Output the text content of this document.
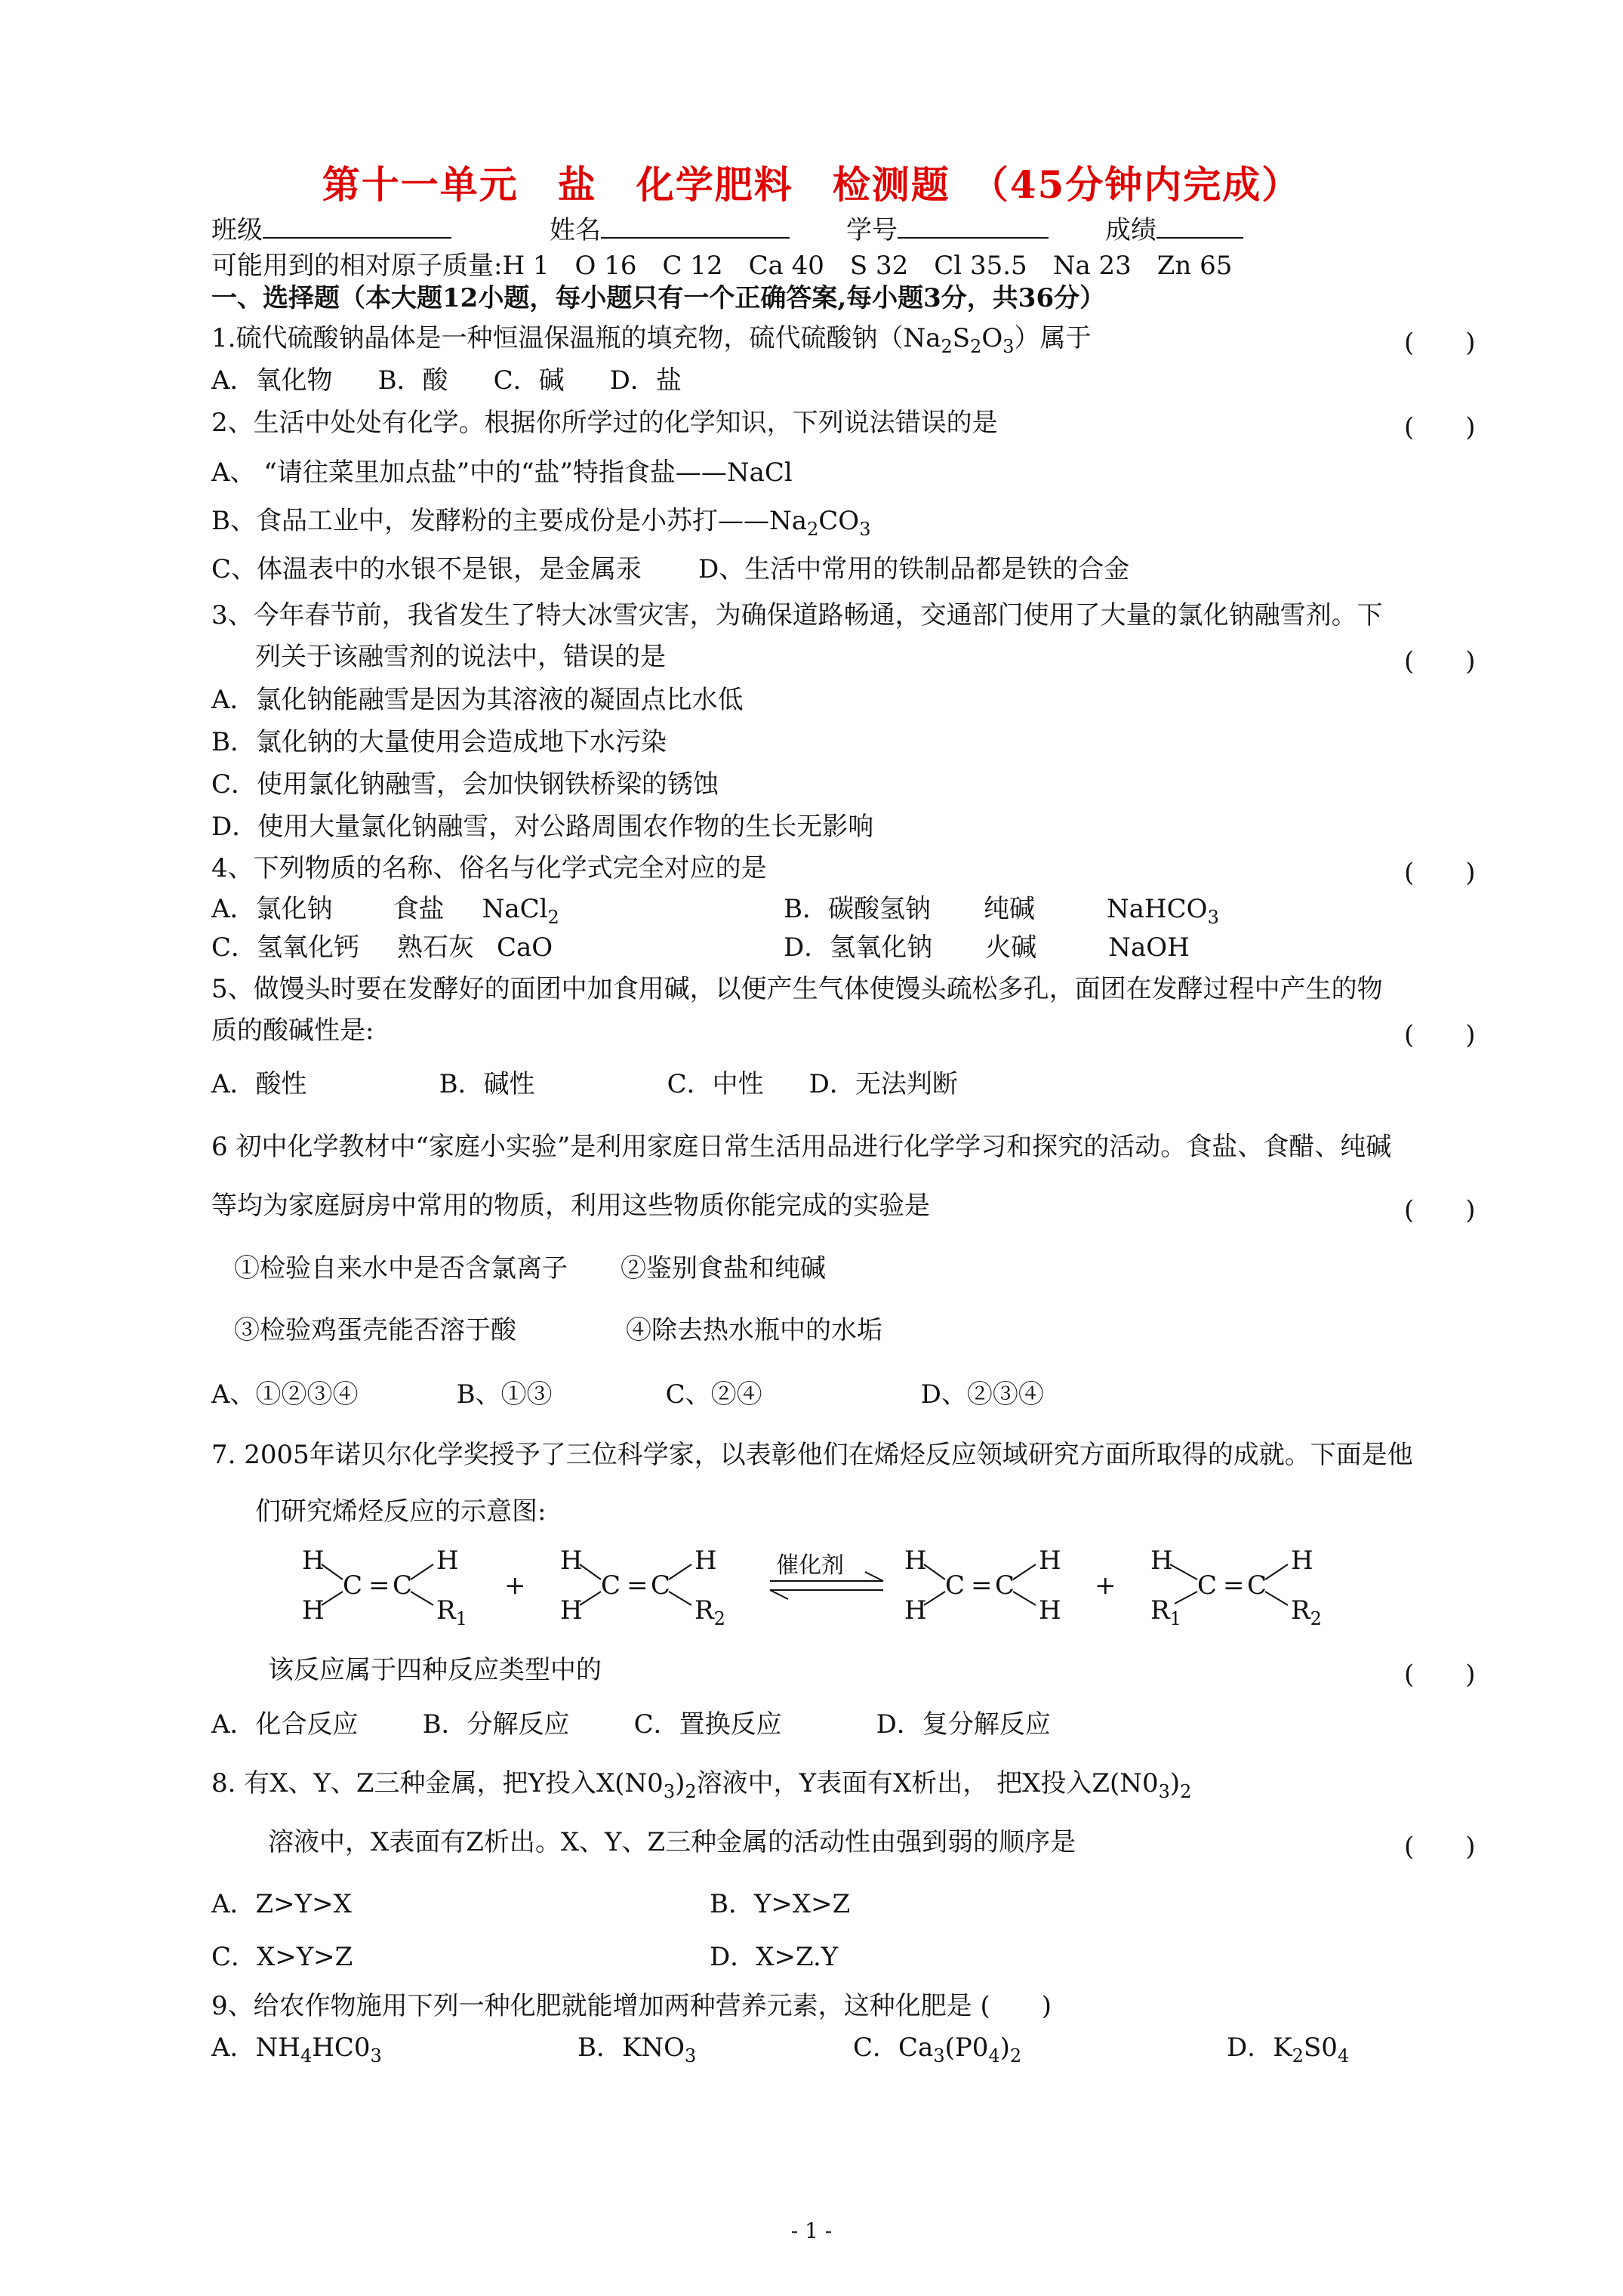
第十一单元　盐　化学肥料　检测题　（45分钟内完成）
班级	姓名	学号	成绩
可能用到的相对原子质量:H 1　O 16　C 12　Ca 40　S 32　Cl 35.5　Na 23　Zn 65
一、选择题（本大题12小题，每小题只有一个正确答案,每小题3分，共36分）
1.硫代硫酸钠晶体是一种恒温保温瓶的填充物，硫代硫酸钠$(Na_2S_2O_3)$属于	(　　)
A．氧化物 B．酸 C．碱 D．盐
2、生活中处处有化学。根据你所学过的化学知识，下列说法错误的是	(　　)
A、 “请往菜里加点盐”中的“盐”特指食盐——NaCl
B、食品工业中，发酵粉的主要成份是小苏打$——Na_2CO_3$
C、体温表中的水银不是银，是金属汞 D、生活中常用的铁制品都是铁的合金
3、今年春节前，我省发生了特大冰雪灾害，为确保道路畅通，交通部门使用了大量的氯化钠融雪剂。下
列关于该融雪剂的说法中，错误的是	(　　)
A．氯化钠能融雪是因为其溶液的凝固点比水低
B．氯化钠的大量使用会造成地下水污染
C．使用氯化钠融雪，会加快钢铁桥梁的锈蚀
D．使用大量氯化钠融雪，对公路周围农作物的生长无影响
4、下列物质的名称、俗名与化学式完全对应的是	(　　)
A．氯化钠 食盐 NaCl$_2$	B．碳酸氢钠 纯碱	NaHCO$_3$
C．氢氧化钙 熟石灰 CaO	D．氢氧化钠 火碱	NaOH
5、做馒头时要在发酵好的面团中加食用碱，以便产生气体使馒头疏松多孔，面团在发酵过程中产生的物
质的酸碱性是:	(　　)
A．酸性	B．碱性	C．中性 D．无法判断
6 初中化学教材中“家庭小实验”是利用家庭日常生活用品进行化学学习和探究的活动。食盐、食醋、纯碱
等均为家庭厨房中常用的物质，利用这些物质你能完成的实验是	(　　)
①检验自来水中是否含氯离子 ②鉴别食盐和纯碱
③检验鸡蛋壳能否溶于酸	④除去热水瓶中的水垢
A、①②③④	B、①③	C、②④	D、②③④
7. 2005年诺贝尔化学奖授予了三位科学家，以表彰他们在烯烃反应领域研究方面所取得的成就。下面是他
们研究烯烃反应的示意图:
H
H
C = C
H
$R_1$
+
H
H
C = C
H
$R_2$
催化剂 H
H
C = C
H
H
+
H
$R_1$
C = C
H
$R_2$
该反应属于四种反应类型中的	(　　)
A．化合反应	B．分解反应	C．置换反应	D．复分解反应
8. 有X、Y、Z三种金属，把Y投入$X(N0_3)_2$溶液中，Y表面有X析出， 把X投入$Z(N0_3)_2$
溶液中，X表面有Z析出。X、Y、Z三种金属的活动性由强到弱的顺序是	(　　)
A．Z>Y>X	B．Y>X>Z
C．X>Y>Z	D．X>Z.Y
9、给农作物施用下列一种化肥就能增加两种营养元素，这种化肥是 (　　)
A．$NH_4HC0_3$	B．$KNO_3$	C．$Ca_3(P0_4)_2$	D．$K_2S0_4$
- 1 -
